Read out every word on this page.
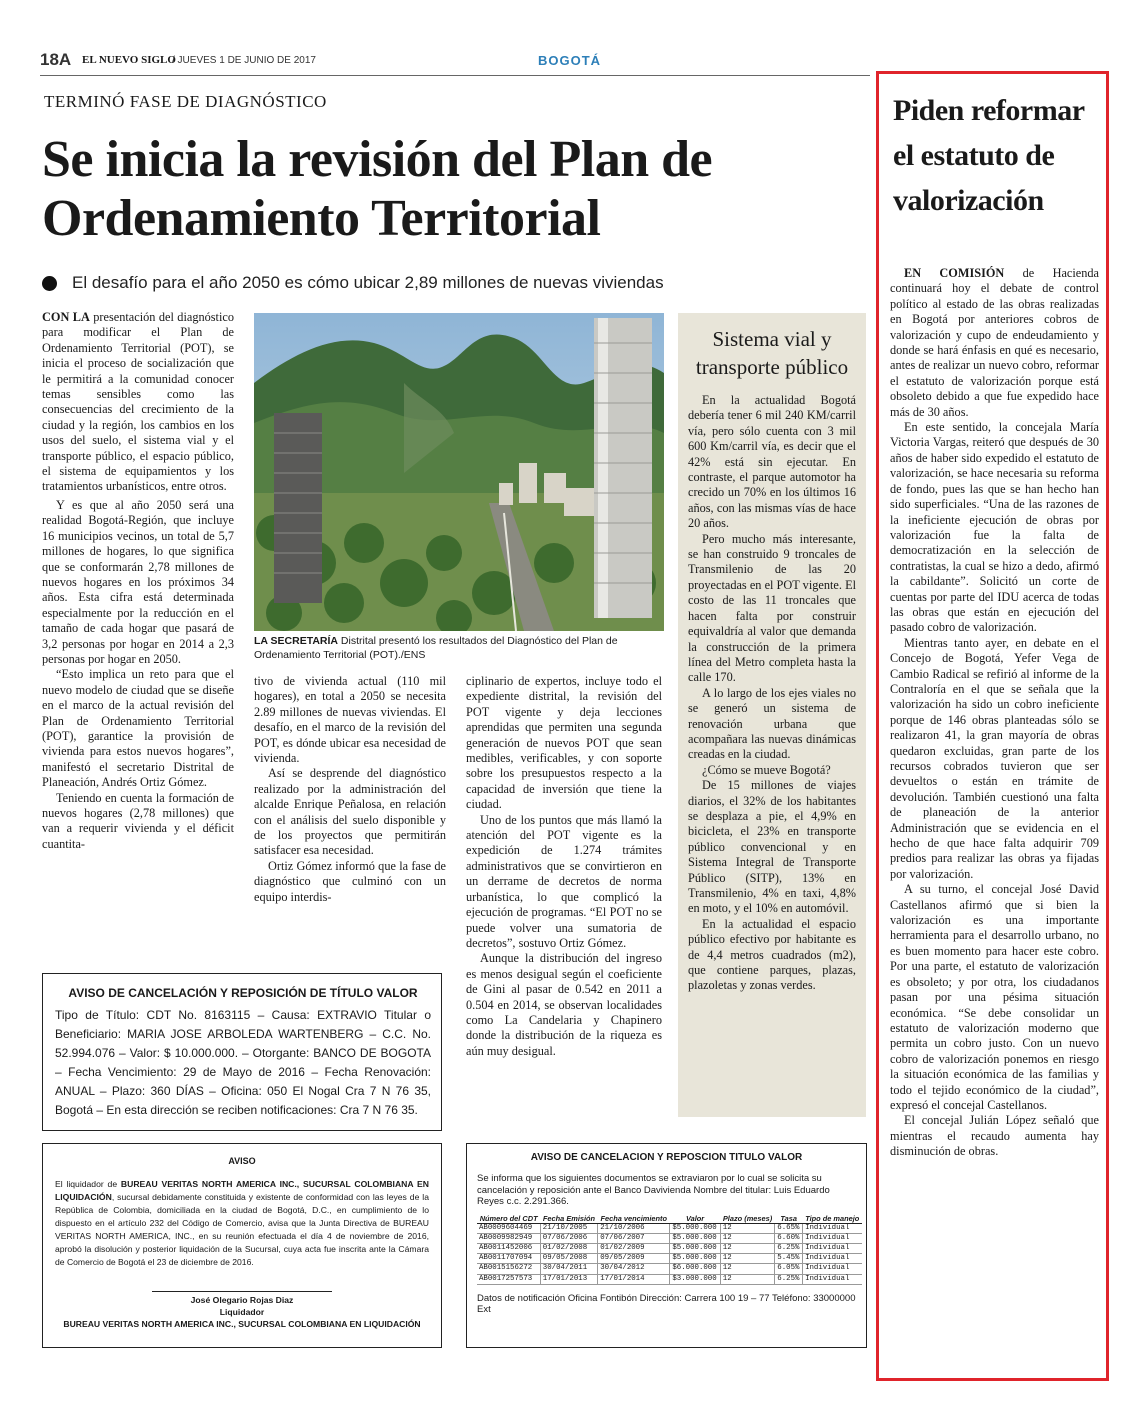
18A EL NUEVO SIGLO
/ JUEVES 1 DE JUNIO DE 2017	BOGOTÁ
TERMINÓ FASE DE DIAGNÓSTICO
Se inicia la revisión del Plan de Ordenamiento Territorial
El desafío para el año 2050 es cómo ubicar 2,89 millones de nuevas viviendas

CON LA presentación del diagnóstico para modificar el Plan de Ordenamiento Territorial (POT), se inicia el proceso de socialización que le permitirá a la comunidad conocer temas sensibles como las consecuencias del crecimiento de la ciudad y la región, los cambios en los usos del suelo, el sistema vial y el transporte público, el espacio público, el sistema de equipamientos y los tratamientos urbanísticos, entre otros.

Y es que al año 2050 será una realidad Bogotá-Región, que incluye 16 municipios vecinos, un total de 5,7 millones de hogares, lo que significa que se conformarán 2,78 millones de nuevos hogares en los próximos 34 años. Esta cifra está determinada especialmente por la reducción en el tamaño de cada hogar que pasará de 3,2 personas por hogar en 2014 a 2,3 personas por hogar en 2050.

“Esto implica un reto para que el nuevo modelo de ciudad que se diseñe en el marco de la actual revisión del Plan de Ordenamiento Territorial (POT), garantice la provisión de vivienda para estos nuevos hogares”, manifestó el secretario Distrital de Planeación, Andrés Ortiz Gómez.

Teniendo en cuenta la formación de nuevos hogares (2,78 millones) que van a requerir vivienda y el déficit cuantita-

LA SECRETARÍA Distrital presentó los resultados del Diagnóstico del Plan de Ordenamiento Territorial (POT)./ENS

tivo de vivienda actual (110 mil hogares), en total a 2050 se necesita 2.89 millones de nuevas viviendas. El desafío, en el marco de la revisión del POT, es dónde ubicar esa necesidad de vivienda.

Así se desprende del diagnóstico realizado por la administración del alcalde Enrique Peñalosa, en relación con el análisis del suelo disponible y de los proyectos que permitirán satisfacer esa necesidad.

Ortiz Gómez informó que la fase de diagnóstico que culminó con un equipo interdis-

ciplinario de expertos, incluye todo el expediente distrital, la revisión del POT vigente y deja lecciones aprendidas que permiten una segunda generación de nuevos POT que sean medibles, verificables, y con soporte sobre los presupuestos respecto a la capacidad de inversión que tiene la ciudad.

Uno de los puntos que más llamó la atención del POT vigente es la expedición de 1.274 trámites administrativos que se convirtieron en un derrame de decretos de norma urbanística, lo que complicó la ejecución de programas. “El POT no se puede volver una sumatoria de decretos”, sostuvo Ortiz Gómez.

Aunque la distribución del ingreso es menos desigual según el coeficiente de Gini al pasar de 0.542 en 2011 a 0.504 en 2014, se observan localidades como La Candelaria y Chapinero donde la distribución de la riqueza es aún muy desigual.

Sistema vial y transporte público

En la actualidad Bogotá debería tener 6 mil 240 KM/carril vía, pero sólo cuenta con 3 mil 600 Km/carril vía, es decir que el 42% está sin ejecutar. En contraste, el parque automotor ha crecido un 70% en los últimos 16 años, con las mismas vías de hace 20 años.

Pero mucho más interesante, se han construido 9 troncales de Transmilenio de las 20 proyectadas en el POT vigente. El costo de las 11 troncales que hacen falta por construir equivaldría al valor que demanda la construcción de la primera línea del Metro completa hasta la calle 170.

A lo largo de los ejes viales no se generó un sistema de renovación urbana que acompañara las nuevas dinámicas creadas en la ciudad.

¿Cómo se mueve Bogotá?

De 15 millones de viajes diarios, el 32% de los habitantes se desplaza a pie, el 4,9% en bicicleta, el 23% en transporte público convencional y en Sistema Integral de Transporte Público (SITP), 13% en Transmilenio, 4% en taxi, 4,8% en moto, y el 10% en automóvil.

En la actualidad el espacio público efectivo por habitante es de 4,4 metros cuadrados (m2), que contiene parques, plazas, plazoletas y zonas verdes.

Piden reformar el estatuto de valorización

EN COMISIÓN de Hacienda continuará hoy el debate de control político al estado de las obras realizadas en Bogotá por anteriores cobros de valorización y cupo de endeudamiento y donde se hará énfasis en qué es necesario, antes de realizar un nuevo cobro, reformar el estatuto de valorización porque está obsoleto debido a que fue expedido hace más de 30 años.

En este sentido, la concejala María Victoria Vargas, reiteró que después de 30 años de haber sido expedido el estatuto de valorización, se hace necesaria su reforma de fondo, pues las que se han hecho han sido superficiales. “Una de las razones de la ineficiente ejecución de obras por valorización fue la falta de democratización en la selección de contratistas, la cual se hizo a dedo, afirmó la cabildante”. Solicitó un corte de cuentas por parte del IDU acerca de todas las obras que están en ejecución del pasado cobro de valorización.

Mientras tanto ayer, en debate en el Concejo de Bogotá, Yefer Vega de Cambio Radical se refirió al informe de la Contraloría en el que se señala que la valorización ha sido un cobro ineficiente porque de 146 obras planteadas sólo se realizaron 41, la gran mayoría de obras quedaron excluidas, gran parte de los recursos cobrados tuvieron que ser devueltos o están en trámite de devolución. También cuestionó una falta de planeación de la anterior Administración que se evidencia en el hecho de que hace falta adquirir 709 predios para realizar las obras ya fijadas por valorización.

A su turno, el concejal José David Castellanos afirmó que si bien la valorización es una importante herramienta para el desarrollo urbano, no es buen momento para hacer este cobro. Por una parte, el estatuto de valorización es obsoleto; y por otra, los ciudadanos pasan por una pésima situación económica. “Se debe consolidar un estatuto de valorización moderno que permita un cobro justo. Con un nuevo cobro de valorización ponemos en riesgo la situación económica de las familias y todo el tejido económico de la ciudad”, expresó el concejal Castellanos.

El concejal Julián López señaló que mientras el recaudo aumenta hay disminución de obras.

AVISO DE CANCELACIÓN Y REPOSICIÓN DE TÍTULO VALOR
Tipo de Título: CDT No. 8163115 – Causa: EXTRAVIO Titular o Beneficiario: MARIA JOSE ARBOLEDA WARTENBERG – C.C. No. 52.994.076 – Valor: $ 10.000.000. – Otorgante: BANCO DE BOGOTA – Fecha Vencimiento: 29 de Mayo de 2016 – Fecha Renovación: ANUAL – Plazo: 360 DÍAS – Oficina: 050 El Nogal Cra 7 N 76 35, Bogotá – En esta dirección se reciben notificaciones: Cra 7 N 76 35.
AVISO
El liquidador de BUREAU VERITAS NORTH AMERICA INC., SUCURSAL COLOMBIANA EN LIQUIDACIÓN, sucursal debidamente constituida y existente de conformidad con las leyes de la República de Colombia, domiciliada en la ciudad de Bogotá, D.C., en cumplimiento de lo dispuesto en el artículo 232 del Código de Comercio, avisa que la Junta Directiva de BUREAU VERITAS NORTH AMERICA, INC., en su reunión efectuada el día 4 de noviembre de 2016, aprobó la disolución y posterior liquidación de la Sucursal, cuya acta fue inscrita ante la Cámara de Comercio de Bogotá el 23 de diciembre de 2016.
José Olegario Rojas Diaz
Liquidador
BUREAU VERITAS NORTH AMERICA INC., SUCURSAL COLOMBIANA EN LIQUIDACIÓN
AVISO DE CANCELACION Y REPOSCION TITULO VALOR
Se informa que los siguientes documentos se extraviaron por lo cual se solicita su cancelación y reposición ante el Banco Davivienda Nombre del titular: Luis Eduardo Reyes c.c. 2.291.366.
Número del CDT	Fecha Emisión	Fecha vencimiento	Valor	Plazo (meses)	Tasa	Tipo de manejo
AB0009604469	21/10/2005	21/10/2006	$5.000.000	12	6.65%	Individual
AB0009982949	07/06/2006	07/06/2007	$5.000.000	12	6.60%	Individual
AB0011452006	01/02/2008	01/02/2009	$5.000.000	12	6.25%	Individual
AB0011707094	09/05/2008	09/05/2009	$5.000.000	12	5.45%	Individual
AB0015156272	30/04/2011	30/04/2012	$6.000.000	12	6.05%	Individual
AB0017257573	17/01/2013	17/01/2014	$3.000.000	12	6.25%	Individual
Datos de notificación Oficina Fontibón Dirección: Carrera 100 19 – 77 Teléfono: 33000000 Ext
